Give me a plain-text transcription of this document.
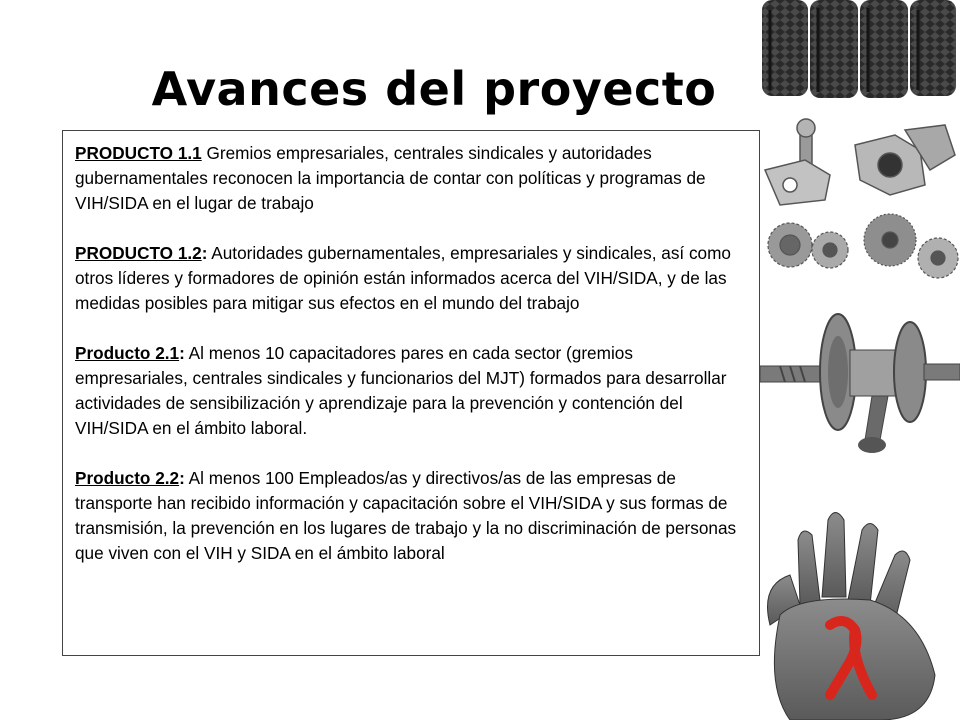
Avances del proyecto

PRODUCTO 1.1 Gremios empresariales, centrales sindicales y autoridades gubernamentales reconocen la importancia de contar con políticas y programas de VIH/SIDA en el lugar de trabajo

PRODUCTO 1.2: Autoridades gubernamentales, empresariales y sindicales, así como otros líderes y formadores de opinión están informados acerca del VIH/SIDA, y de las medidas posibles para mitigar sus efectos en el mundo del trabajo

Producto 2.1: Al menos 10 capacitadores pares en cada sector (gremios empresariales, centrales sindicales y funcionarios del MJT) formados para desarrollar actividades de sensibilización y aprendizaje para la prevención y contención del VIH/SIDA en el ámbito laboral.

Producto 2.2: Al menos 100 Empleados/as y directivos/as de las empresas de transporte han recibido información y capacitación sobre el VIH/SIDA y sus formas de transmisión, la prevención en los lugares de trabajo y la no discriminación de personas que viven con el VIH y SIDA en el ámbito laboral
